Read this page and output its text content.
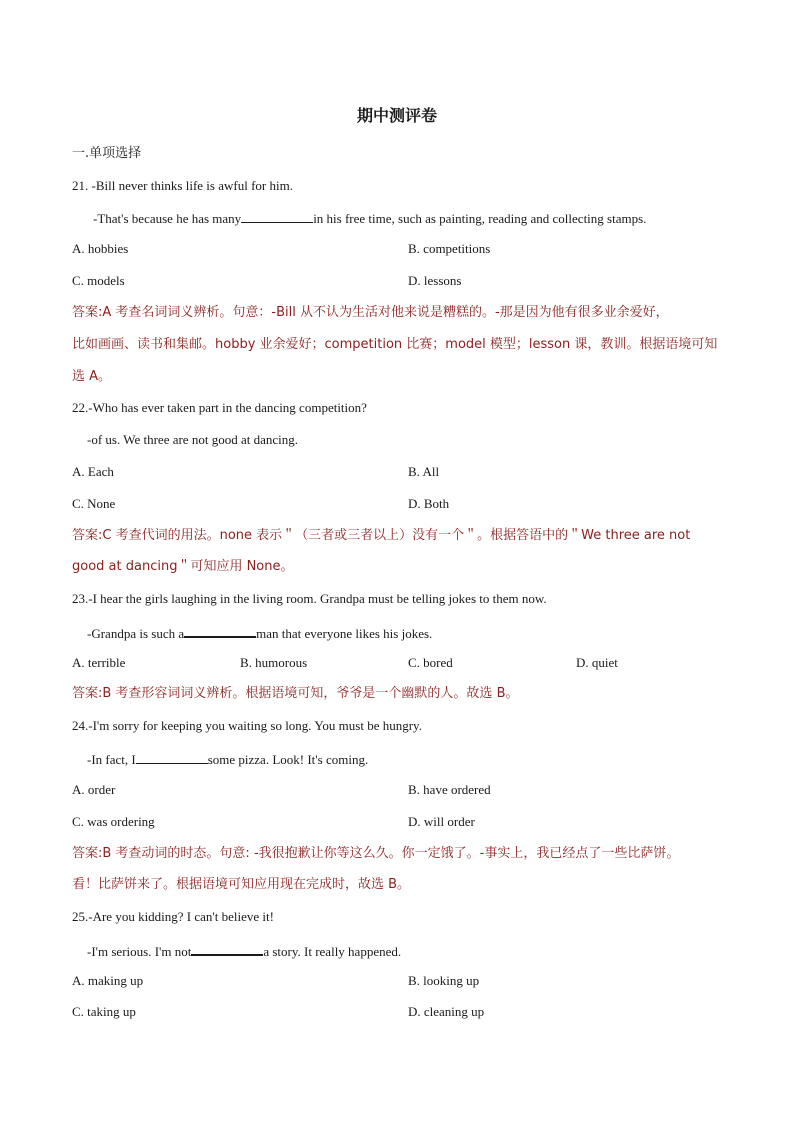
期中测评卷
一.单项选择
21. -Bill never thinks life is awful for him.
-That's because he has many	in his free time, such as painting, reading and collecting stamps.
A. hobbies	B. competitions
C. models	D. lessons
答案:A 考查名词词义辨析。句意：-Bill 从不认为生活对他来说是糟糕的。-那是因为他有很多业余爱好，
比如画画、读书和集邮。hobby 业余爱好；competition 比赛；model 模型；lesson 课，教训。根据语境可知
选 A。
22.-Who has ever taken part in the dancing competition?
-of us. We three are not good at dancing.
A. Each	B. All
C. None	D. Both
答案:C 考查代词的用法。none 表示＂（三者或三者以上）没有一个＂。根据答语中的＂We three are not
good at dancing＂可知应用 None。
23.-I hear the girls laughing in the living room. Grandpa must be telling jokes to them now.
-Grandpa is such a	man that everyone likes his jokes.
A. terrible	B. humorous	C. bored	D. quiet
答案:B 考查形容词词义辨析。根据语境可知，爷爷是一个幽默的人。故选 B。
24.-I'm sorry for keeping you waiting so long. You must be hungry.
-In fact, I	some pizza. Look! It's coming.
A. order	B. have ordered
C. was ordering	D. will order
答案:B 考查动词的时态。句意: -我很抱歉让你等这么久。你一定饿了。-事实上，我已经点了一些比萨饼。
看！比萨饼来了。根据语境可知应用现在完成时，故选 B。
25.-Are you kidding? I can't believe it!
-I'm serious. I'm not	a story. It really happened.
A. making up	B. looking up
C. taking up	D. cleaning up
